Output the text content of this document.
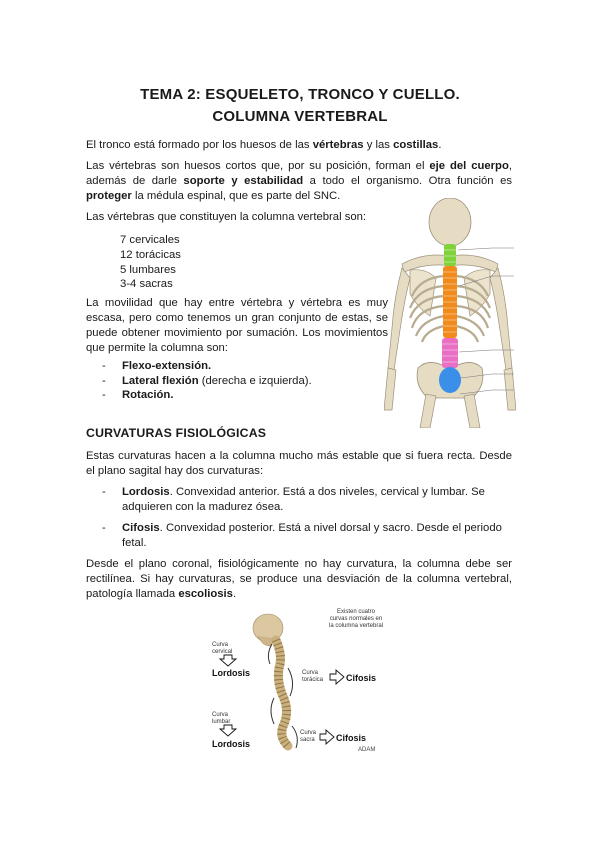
TEMA 2: ESQUELETO, TRONCO Y CUELLO.
COLUMNA VERTEBRAL
El tronco está formado por los huesos de las vértebras y las costillas.
Las vértebras son huesos cortos que, por su posición, forman el eje del cuerpo, además de darle soporte y estabilidad a todo el organismo. Otra función es proteger la médula espinal, que es parte del SNC.
Las vértebras que constituyen la columna vertebral son:
7 cervicales
12 torácicas
5 lumbares
3-4 sacras
La movilidad que hay entre vértebra y vértebra es muy escasa, pero como tenemos un gran conjunto de estas, se puede obtener movimiento por sumación. Los movimientos que permite la columna son:
- Flexo-extensión.
- Lateral flexión (derecha e izquierda).
- Rotación.
CURVATURAS FISIOLÓGICAS
Estas curvaturas hacen a la columna mucho más estable que si fuera recta. Desde el plano sagital hay dos curvaturas:
- Lordosis. Convexidad anterior. Está a dos niveles, cervical y lumbar. Se adquieren con la madurez ósea.
- Cifosis. Convexidad posterior. Está a nivel dorsal y sacro. Desde el periodo fetal.
Desde el plano coronal, fisiológicamente no hay curvatura, la columna debe ser rectilínea. Si hay curvaturas, se produce una desviación de la columna vertebral, patología llamada escoliosis.
Existen cuatro
curvas normales en
la columna vertebral
Curva
cervical
Lordosis
Curva
lumbar
Lordosis
Curva
torácica	Cifosis
Curva
sacra Cifosis
ADAM
